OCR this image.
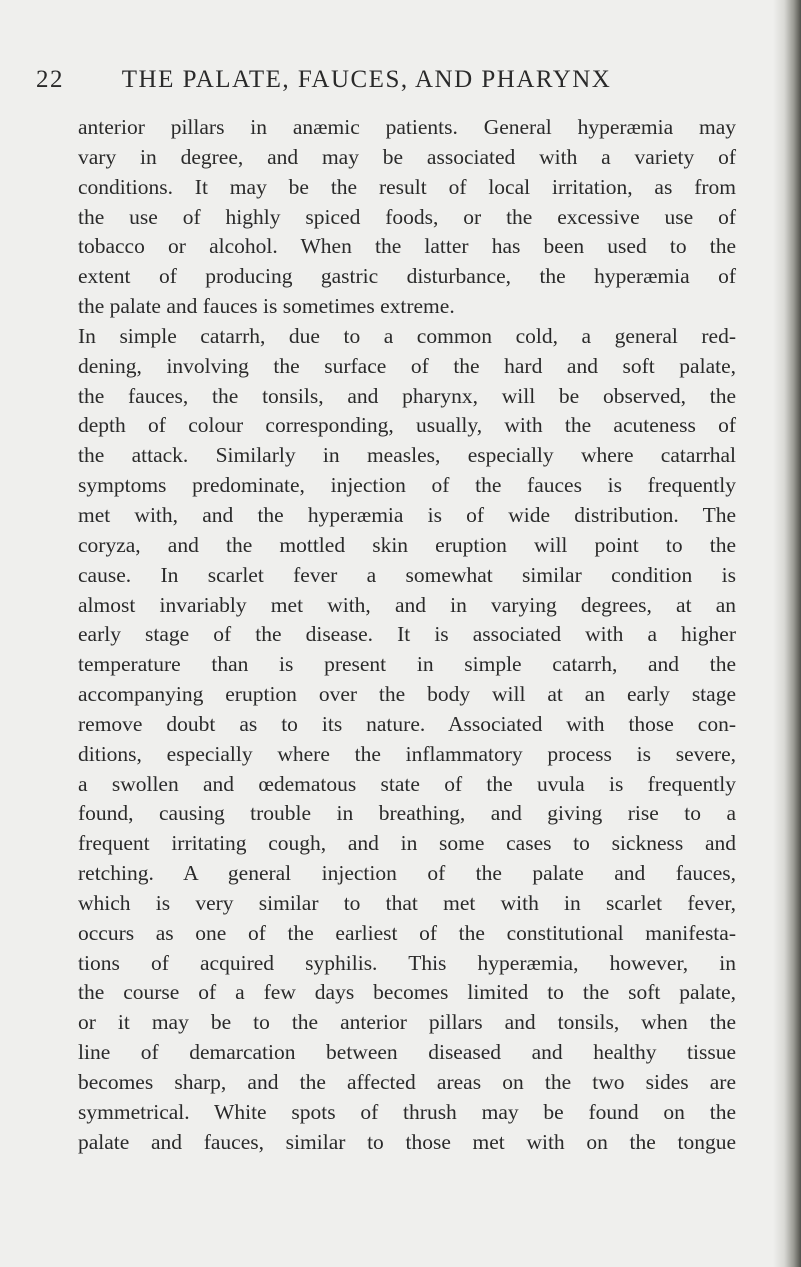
22 THE PALATE, FAUCES, AND PHARYNX
anterior pillars in anæmic patients. General hyperæmia may
vary in degree, and may be associated with a variety of
conditions. It may be the result of local irritation, as from
the use of highly spiced foods, or the excessive use of
tobacco or alcohol. When the latter has been used to the
extent of producing gastric disturbance, the hyperæmia of
the palate and fauces is sometimes extreme.
In simple catarrh, due to a common cold, a general red-
dening, involving the surface of the hard and soft palate,
the fauces, the tonsils, and pharynx, will be observed, the
depth of colour corresponding, usually, with the acuteness of
the attack. Similarly in measles, especially where catarrhal
symptoms predominate, injection of the fauces is frequently
met with, and the hyperæmia is of wide distribution. The
coryza, and the mottled skin eruption will point to the
cause. In scarlet fever a somewhat similar condition is
almost invariably met with, and in varying degrees, at an
early stage of the disease. It is associated with a higher
temperature than is present in simple catarrh, and the
accompanying eruption over the body will at an early stage
remove doubt as to its nature. Associated with those con-
ditions, especially where the inflammatory process is severe,
a swollen and œdematous state of the uvula is frequently
found, causing trouble in breathing, and giving rise to a
frequent irritating cough, and in some cases to sickness and
retching. A general injection of the palate and fauces,
which is very similar to that met with in scarlet fever,
occurs as one of the earliest of the constitutional manifesta-
tions of acquired syphilis. This hyperæmia, however, in
the course of a few days becomes limited to the soft palate,
or it may be to the anterior pillars and tonsils, when the
line of demarcation between diseased and healthy tissue
becomes sharp, and the affected areas on the two sides are
symmetrical. White spots of thrush may be found on the
palate and fauces, similar to those met with on the tongue
